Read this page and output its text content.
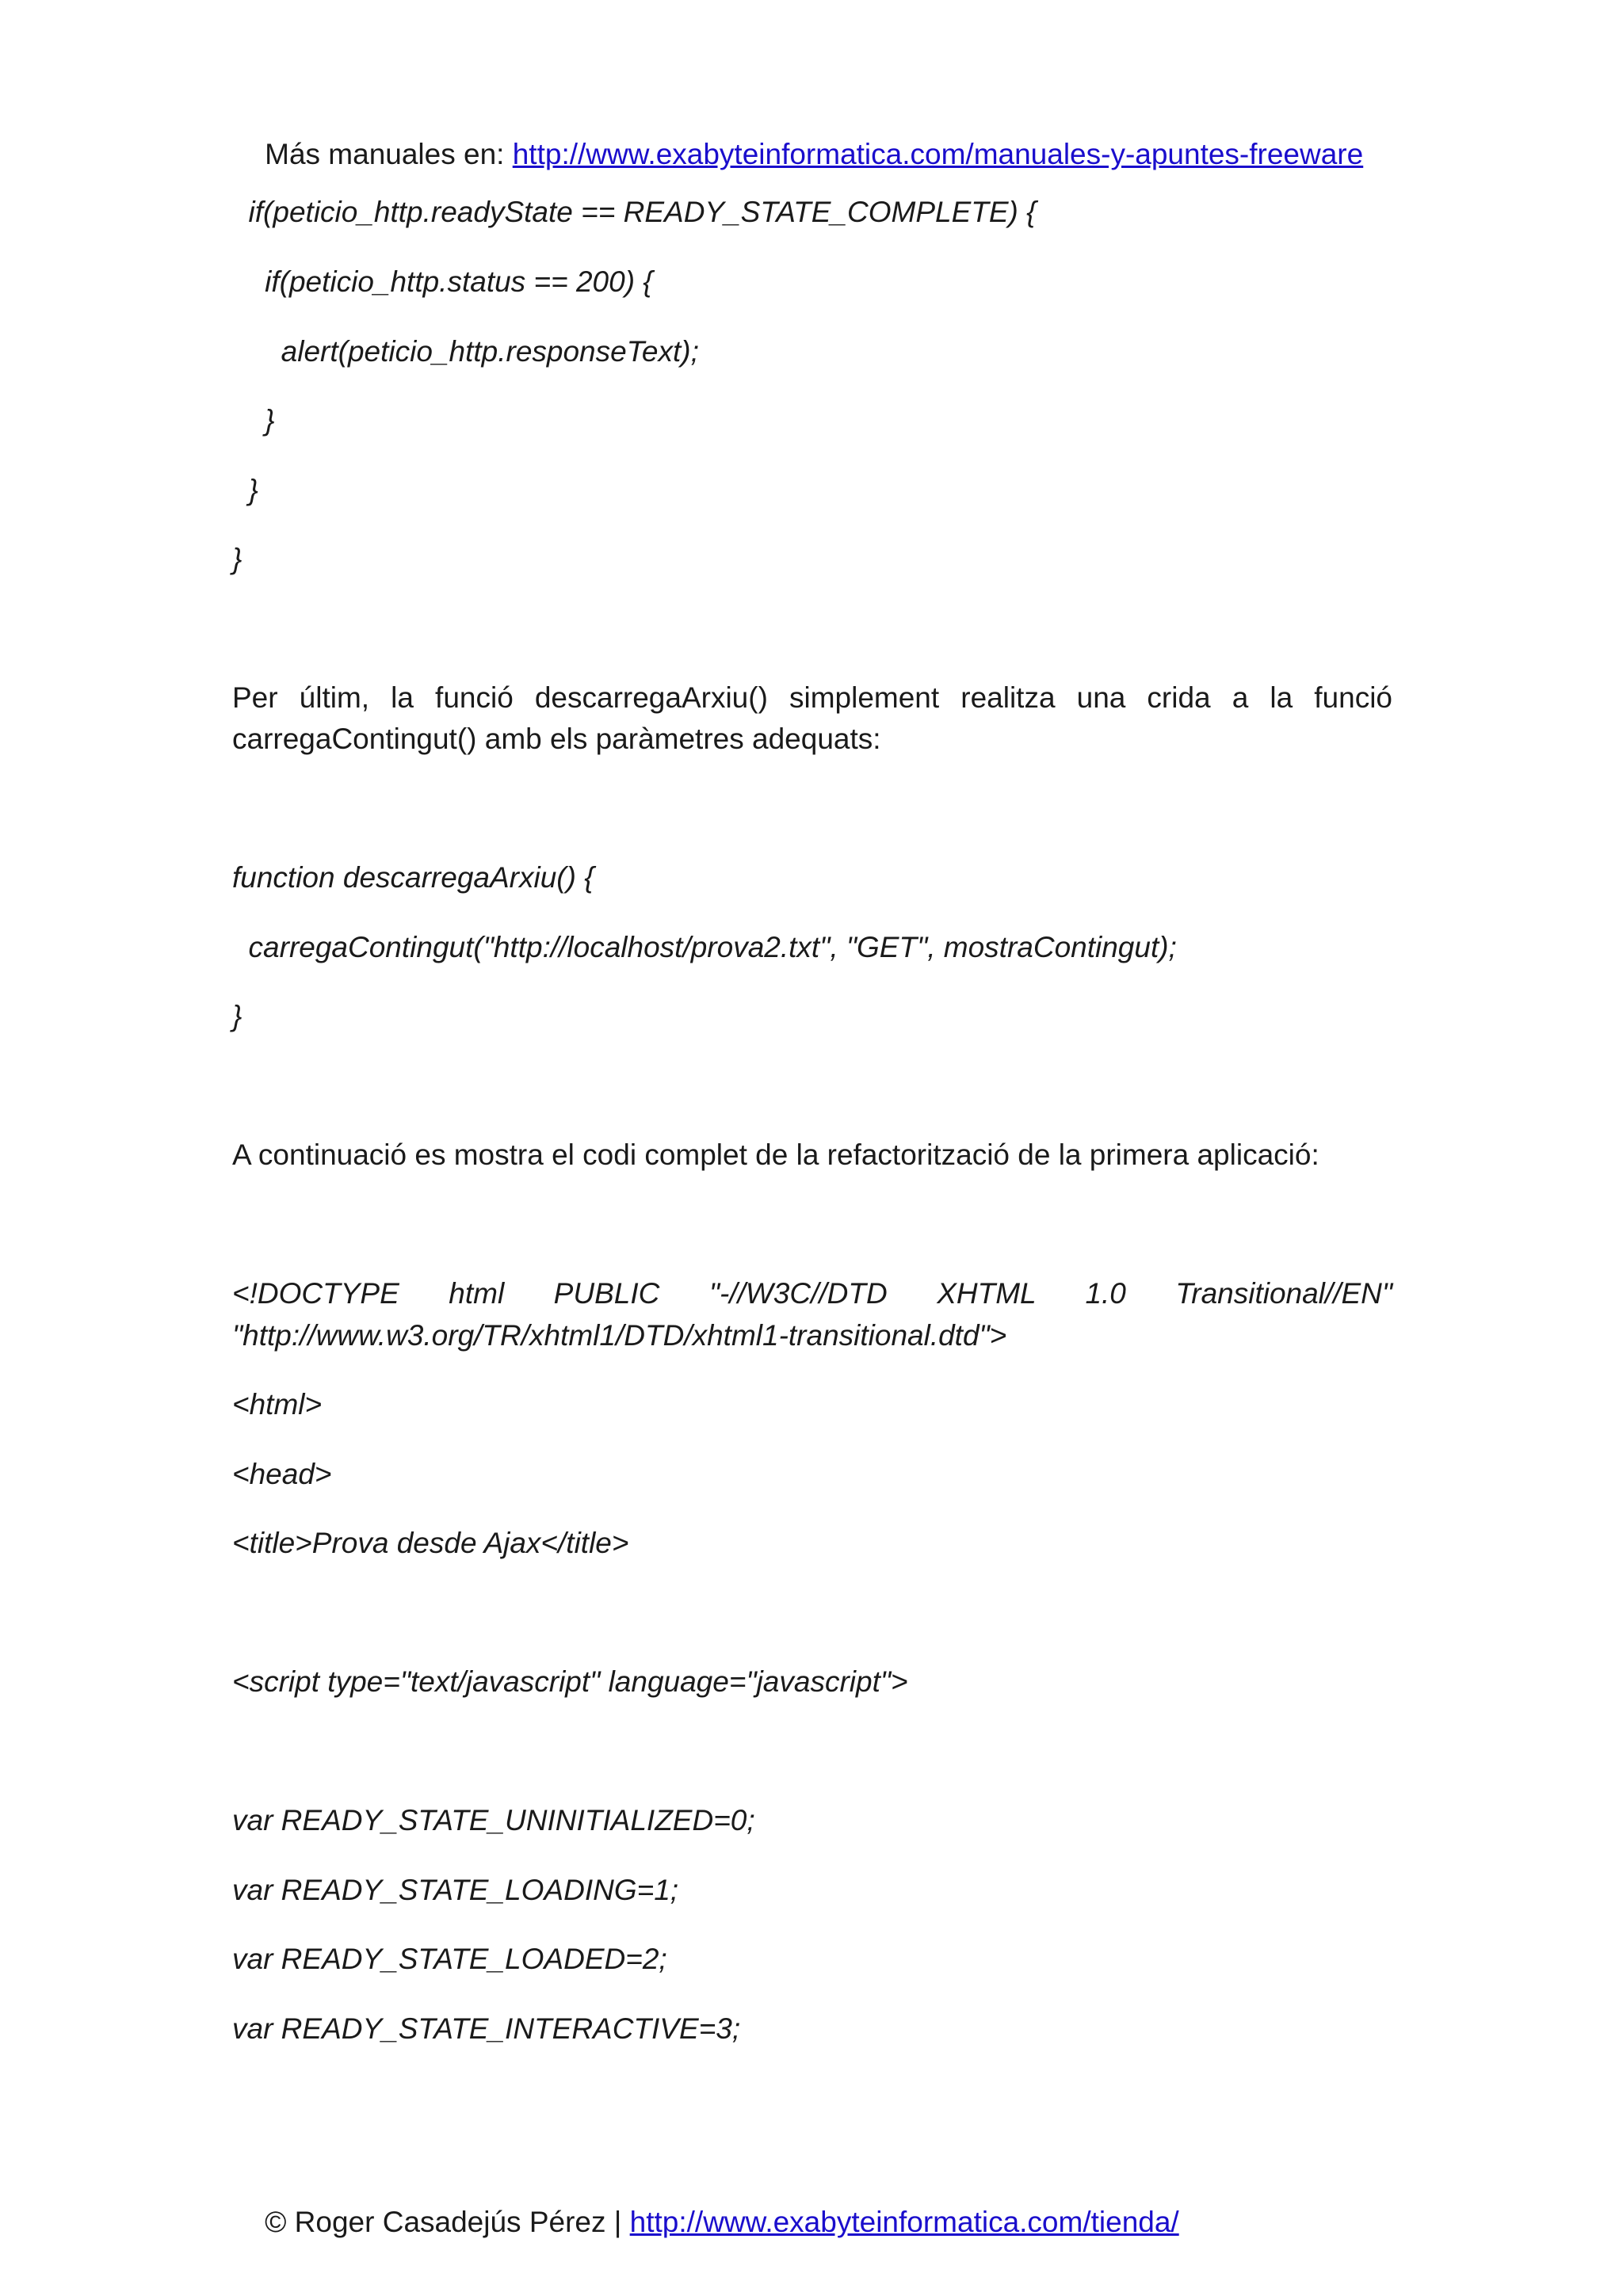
Más manuales en: http://www.exabyteinformatica.com/manuales-y-apuntes-freeware

if(peticio_http.readyState == READY_STATE_COMPLETE) {
if(peticio_http.status == 200) {
alert(peticio_http.responseText);
}
}
}
Per últim, la funció descarregaArxiu() simplement realitza una crida a la funció
carregaContingut() amb els paràmetres adequats:
function descarregaArxiu() {
carregaContingut("http://localhost/prova2.txt", "GET", mostraContingut);
}
A continuació es mostra el codi complet de la refactorització de la primera aplicació:
<!DOCTYPE html PUBLIC "-//W3C//DTD XHTML 1.0 Transitional//EN"
"http://www.w3.org/TR/xhtml1/DTD/xhtml1-transitional.dtd">
<html>
<head>
<title>Prova desde Ajax</title>
<script type="text/javascript" language="javascript">
var READY_STATE_UNINITIALIZED=0;
var READY_STATE_LOADING=1;
var READY_STATE_LOADED=2;
var READY_STATE_INTERACTIVE=3;

© Roger Casadejús Pérez | http://www.exabyteinformatica.com/tienda/
